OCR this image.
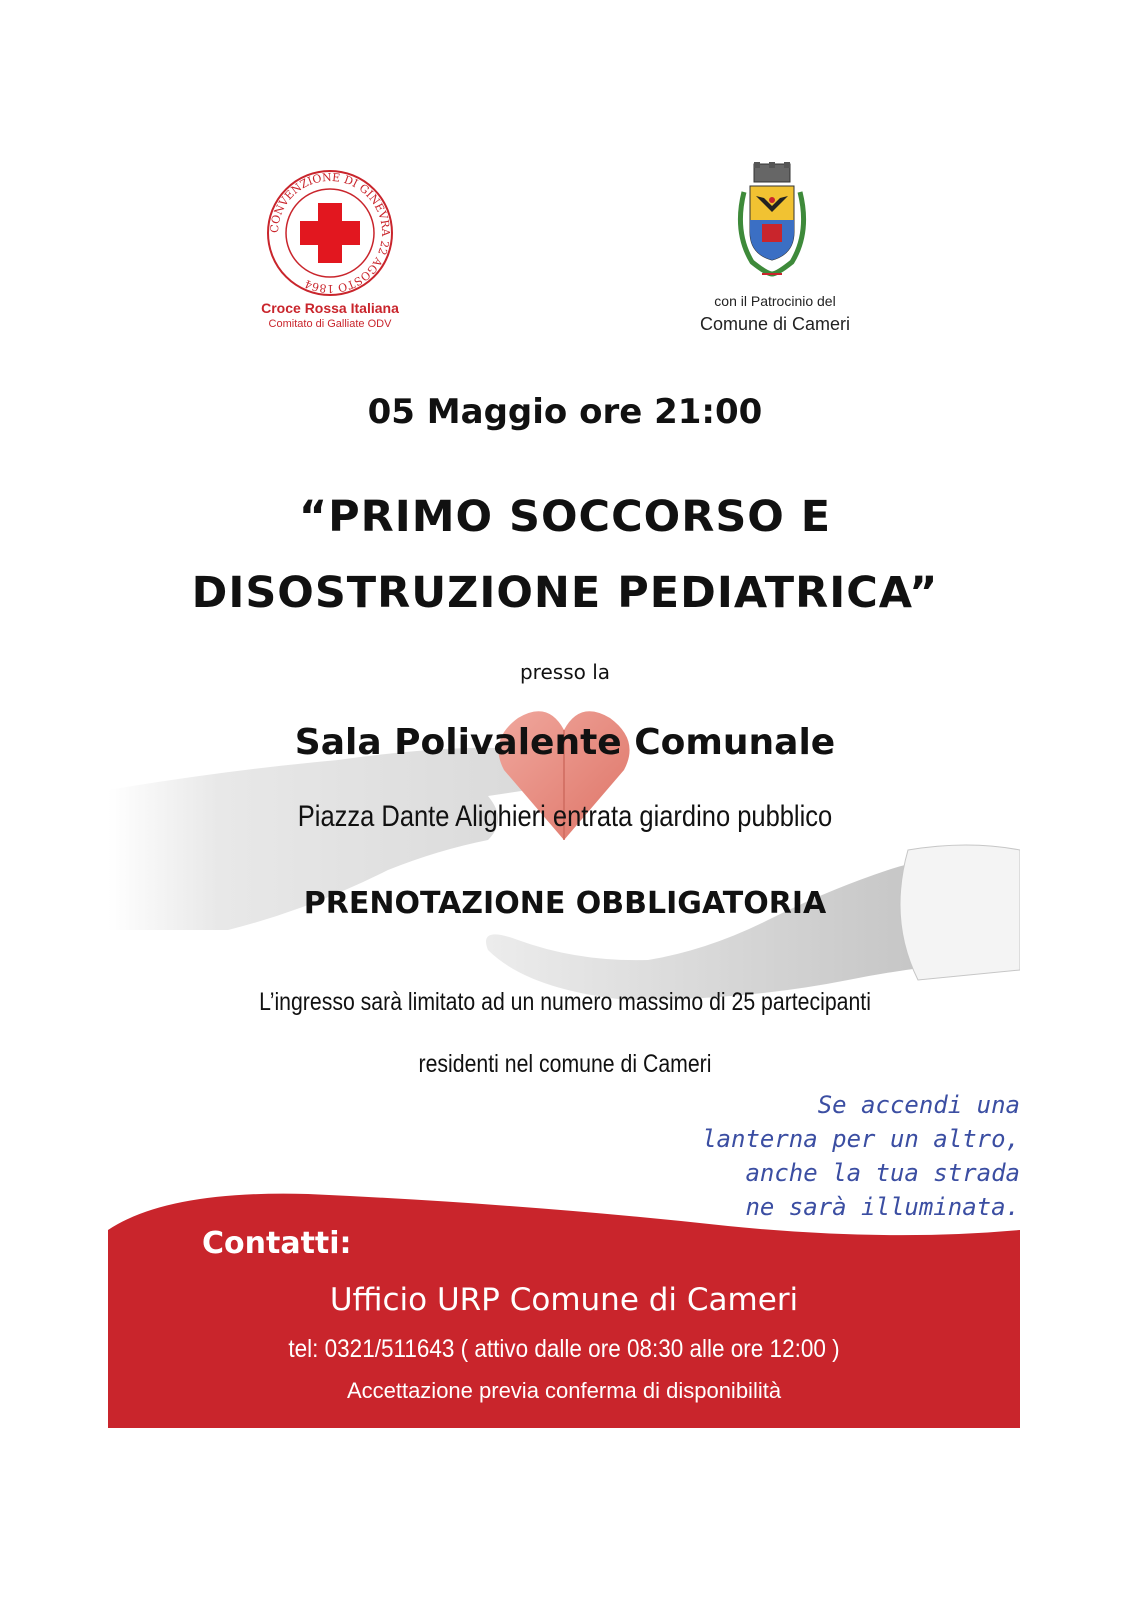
CONVENZIONE DI GINEVRA 22 AGOSTO 1864
Croce Rossa Italiana
Comitato di Galliate ODV
con il Patrocinio del
Comune di Cameri
05 Maggio ore 21:00
“PRIMO SOCCORSO E
DISOSTRUZIONE PEDIATRICA”
presso la
Sala Polivalente Comunale
Piazza Dante Alighieri entrata giardino pubblico
PRENOTAZIONE OBBLIGATORIA
L’ingresso sarà limitato ad un numero massimo di 25 partecipanti
residenti nel comune di Cameri
Se accendi una
lanterna per un altro,
anche la tua strada
ne sarà illuminata.
Contatti:
Ufficio URP Comune di Cameri
tel: 0321/511643 ( attivo dalle ore 08:30 alle ore 12:00 )
Accettazione previa conferma di disponibilità
